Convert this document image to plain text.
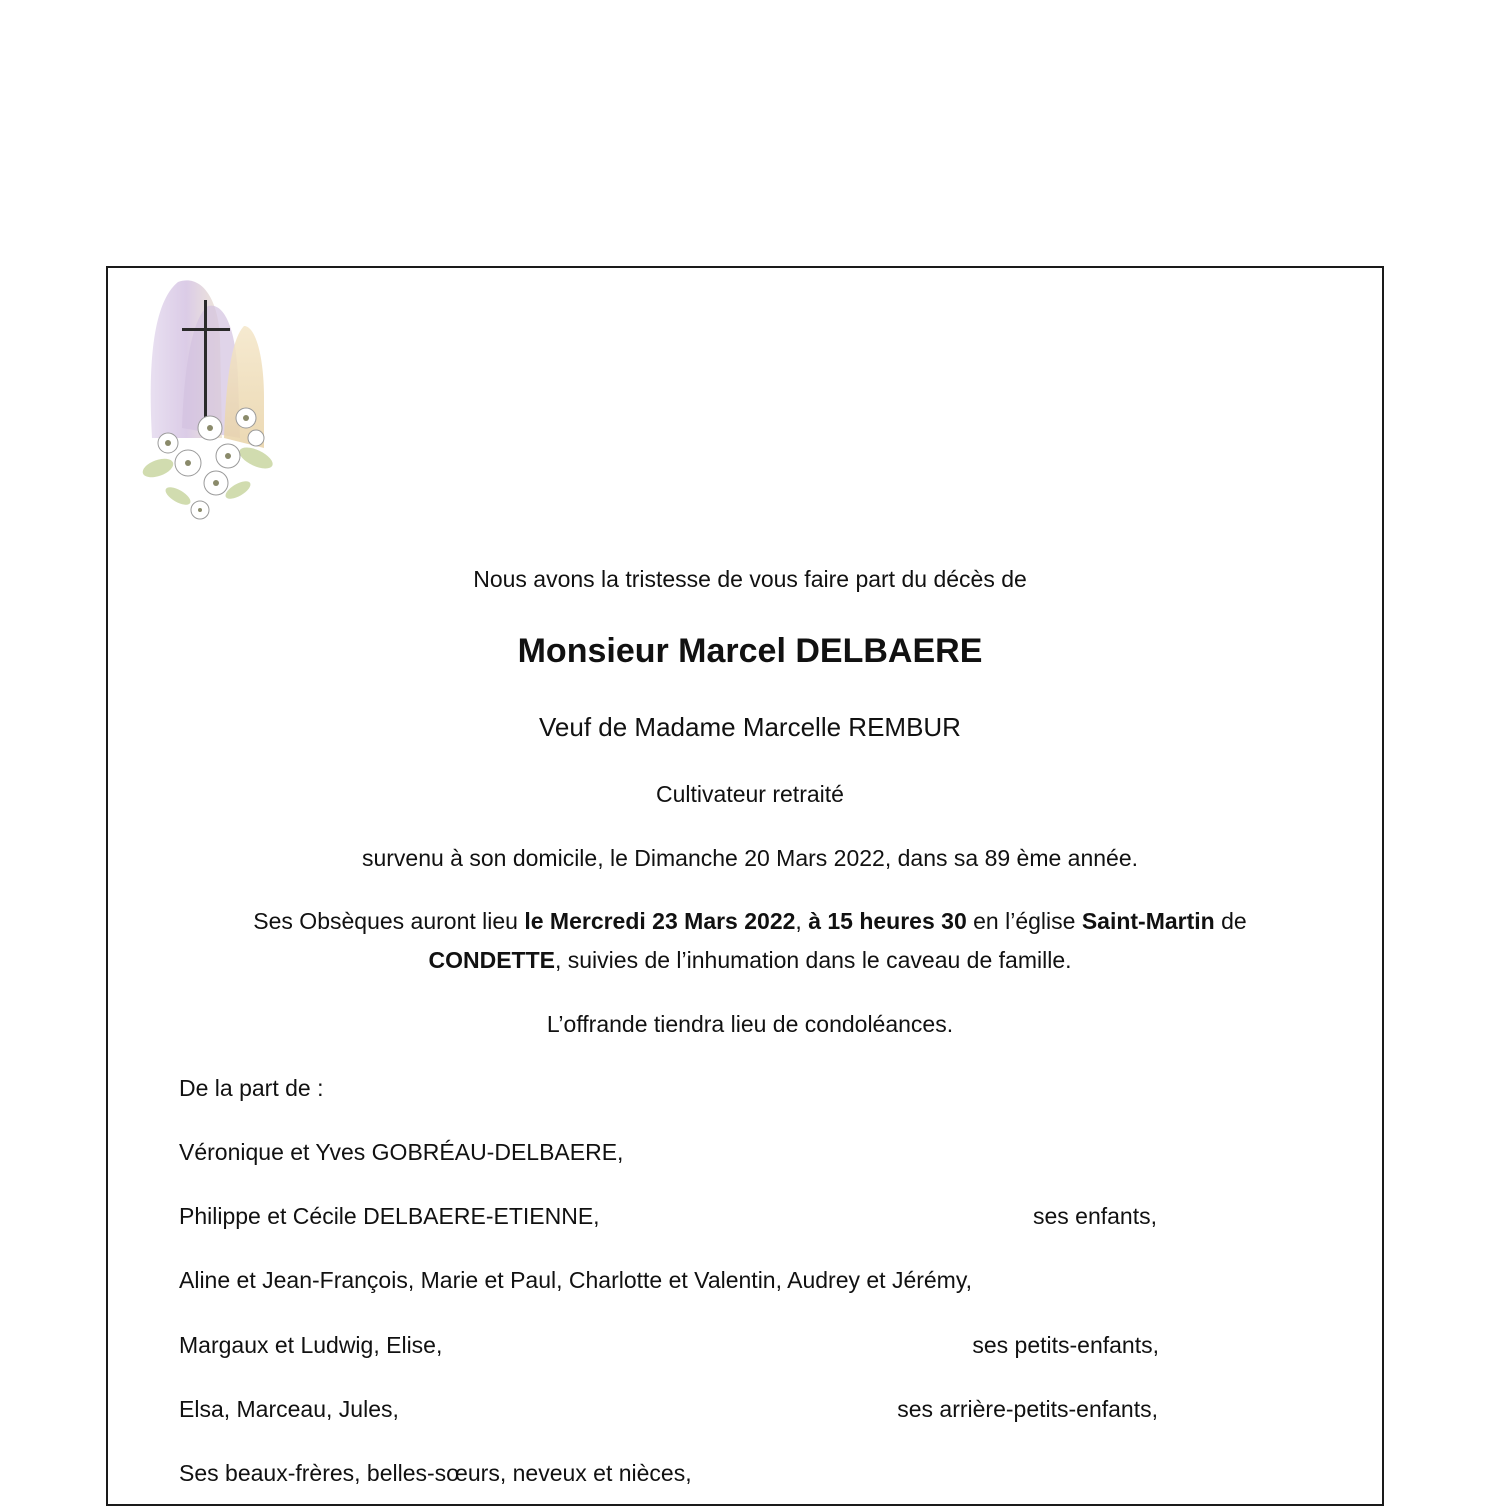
Nous avons la tristesse de vous faire part du décès de
Monsieur Marcel DELBAERE
Veuf de Madame Marcelle REMBUR
Cultivateur retraité
survenu à son domicile, le Dimanche 20 Mars 2022, dans sa 89 ème année.
Ses Obsèques auront lieu le Mercredi 23 Mars 2022, à 15 heures 30 en l’église Saint-Martin de
CONDETTE, suivies de l’inhumation dans le caveau de famille.
L’offrande tiendra lieu de condoléances.
De la part de :
Véronique et Yves GOBRÉAU-DELBAERE,
Philippe et Cécile DELBAERE-ETIENNE,	ses enfants,
Aline et Jean-François, Marie et Paul, Charlotte et Valentin, Audrey et Jérémy,
Margaux et Ludwig, Elise,	ses petits-enfants,
Elsa, Marceau, Jules,	ses arrière-petits-enfants,
Ses beaux-frères, belles-sœurs, neveux et nièces,
